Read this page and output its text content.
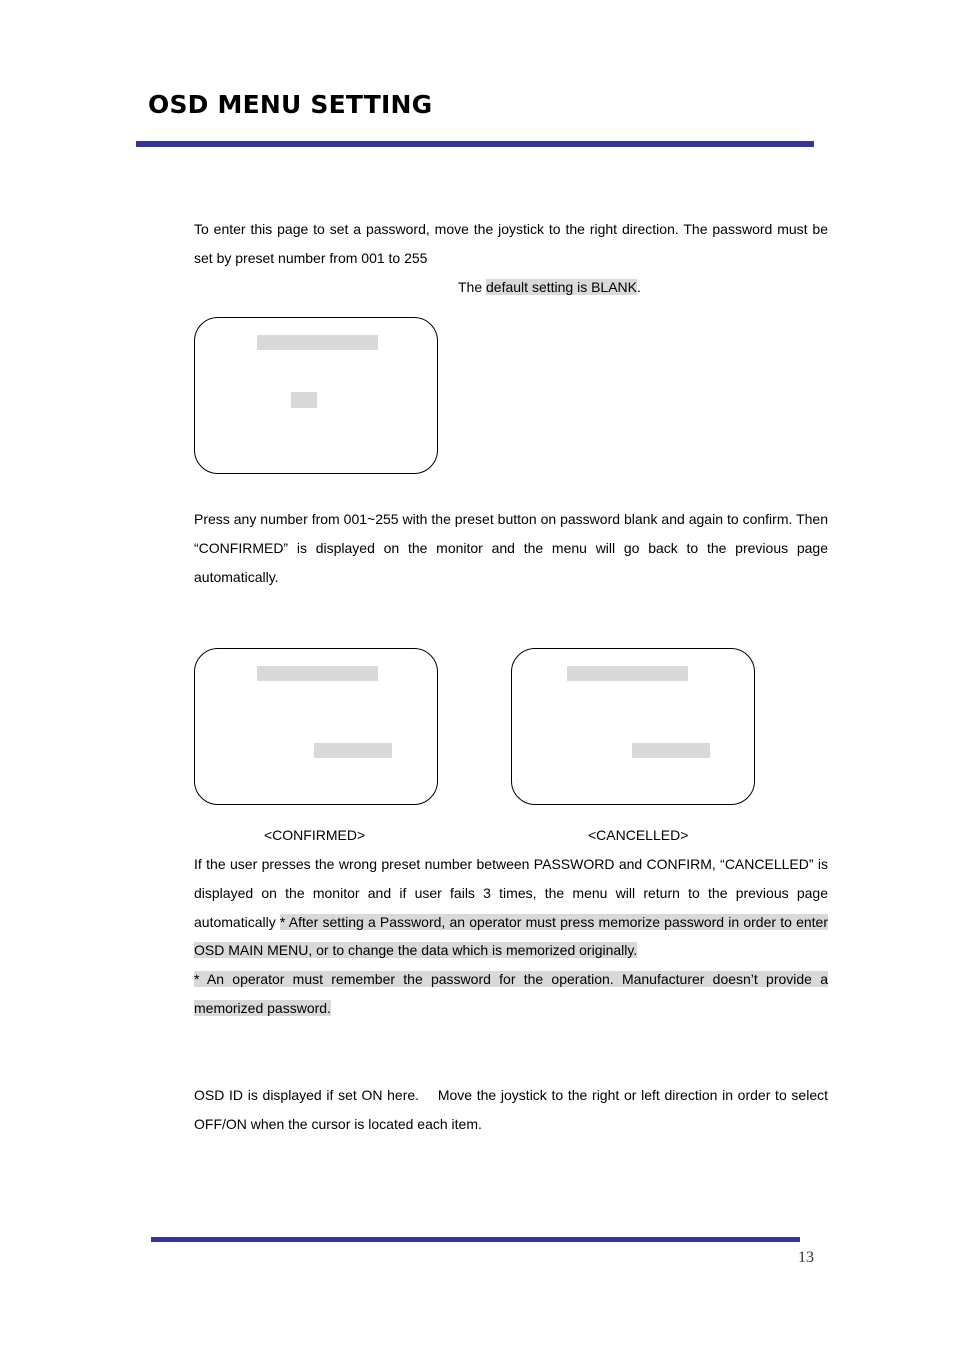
OSD MENU SETTING

To enter this page to set a password, move the joystick to the right direction. The password must be set by preset number from 001 to 255

The default setting is BLANK.

Press any number from 001~255 with the preset button on password blank and again to confirm. Then “CONFIRMED” is displayed on the monitor and the menu will go back to the previous page automatically.

<CONFIRMED>	<CANCELLED>

If the user presses the wrong preset number between PASSWORD and CONFIRM, “CANCELLED” is displayed on the monitor and if user fails 3 times, the menu will return to the previous page automatically * After setting a Password, an operator must press memorize password in order to enter OSD MAIN MENU, or to change the data which is memorized originally.
* An operator must remember the password for the operation. Manufacturer doesn’t provide a memorized password.

OSD ID is displayed if set ON here.    Move the joystick to the right or left direction in order to select OFF/ON when the cursor is located each item.

13
